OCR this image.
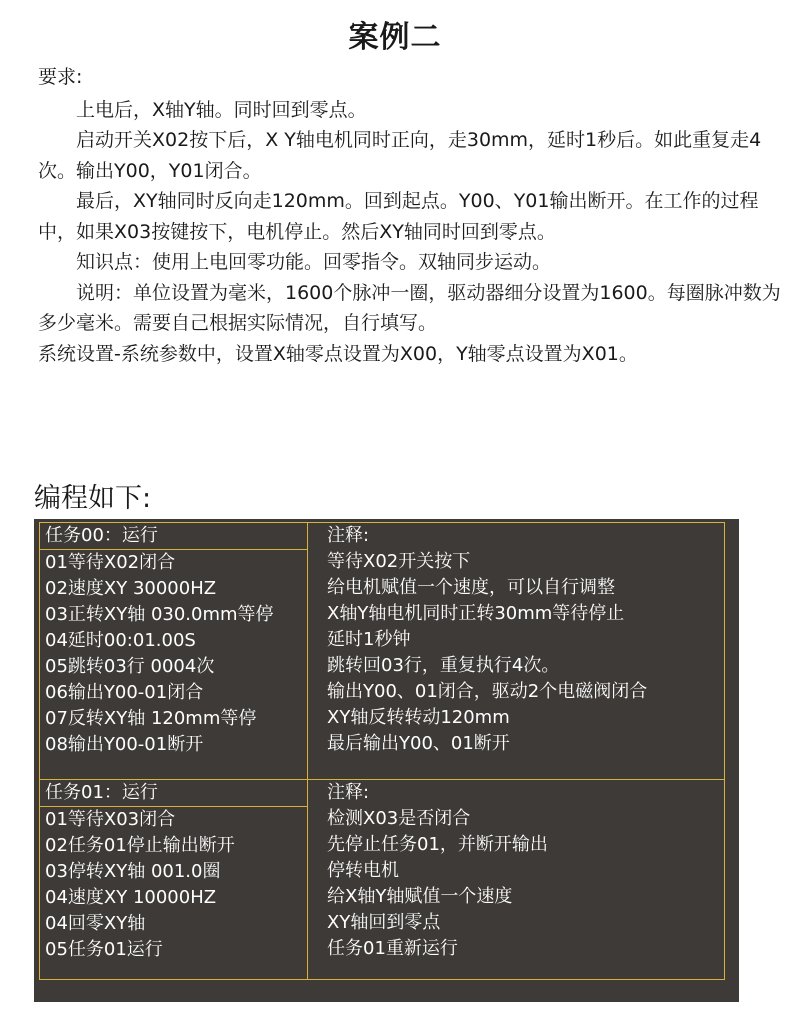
案例二

要求:

上电后，X轴Y轴。同时回到零点。

启动开关X02按下后，X Y轴电机同时正向，走30mm，延时1秒后。如此重复走4次。输出Y00，Y01闭合。

最后，XY轴同时反向走120mm。回到起点。Y00、Y01输出断开。在工作的过程中，如果X03按键按下，电机停止。然后XY轴同时回到零点。

知识点：使用上电回零功能。回零指令。双轴同步运动。

说明：单位设置为毫米，1600个脉冲一圈，驱动器细分设置为1600。每圈脉冲数为多少毫米。需要自己根据实际情况，自行填写。

系统设置-系统参数中，设置X轴零点设置为X00，Y轴零点设置为X01。

编程如下:
任务00：运行
01等待X02闭合
02速度XY 30000HZ
03正转XY轴 030.0mm等停
04延时00:01.00S
05跳转03行 0004次
06输出Y00-01闭合
07反转XY轴 120mm等停
08输出Y00-01断开
注释:
等待X02开关按下
给电机赋值一个速度，可以自行调整
X轴Y轴电机同时正转30mm等待停止
延时1秒钟
跳转回03行，重复执行4次。
输出Y00、01闭合，驱动2个电磁阀闭合
XY轴反转转动120mm
最后输出Y00、01断开
任务01：运行
01等待X03闭合
02任务01停止输出断开
03停转XY轴 001.0圈
04速度XY 10000HZ
04回零XY轴
05任务01运行
注释:
检测X03是否闭合
先停止任务01，并断开输出
停转电机
给X轴Y轴赋值一个速度
XY轴回到零点
任务01重新运行
